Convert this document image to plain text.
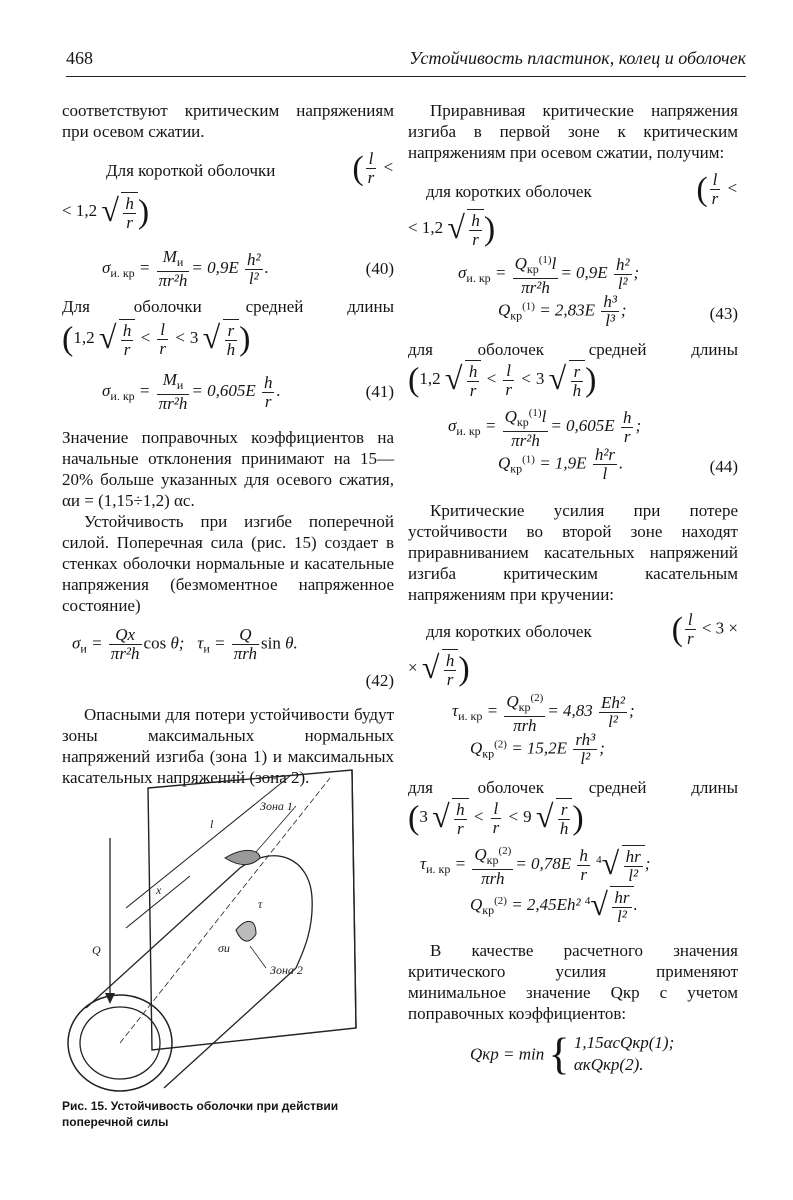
468	Устойчивость пластинок, колец и оболочек

соответствуют критическим напряжениям при осевом сжатии.

Для короткой оболочки ( $\frac{l}{r}$ <
< 1,2 √ $\frac{h}{r}$ )
$\sigma_{и. кр} = \frac{M_и}{\text{πr²h}} = 0,9E \frac{\text{h²}}{\text{l²}}$ .	(40)

Для оболочки средней длины

(1,2 √ $\frac{h}{r} < \frac{l}{r} < 3$ √ $\frac{r}{h}$ )
$\sigma_{и. кр} = \frac{M_и}{\text{πr²h}} = 0,605E \frac{h}{r}$ .	(41)

Значение поправочных коэффициентов на начальные отклонения принимают на 15—20% больше указанных для осевого сжатия, αи = (1,15÷1,2) αc.

Устойчивость при изгибе поперечной силой. Поперечная сила (рис. 15) создает в стенках оболочки нормальные и касательные напряжения (безмоментное напряженное состояние)

$\sigma_и = \frac{Qx}{\text{πr²h}}$ cos θ;   $\tau_и = \frac{Q}{\text{πrh}}$ sin θ.
(42)

Опасными для потери устойчивости будут зоны максимальных нормальных напряжений изгиба (зона 1) и максимальных касательных напряжений (зона 2).

Зона 1
Зона 2
l
x
Q
τ
σи
Рис. 15. Устойчивость оболочки при действии поперечной силы

Приравнивая критические напряжения изгиба в первой зоне к критическим напряжениям при осевом сжатии, получим:

для коротких оболочек	( $\frac{l}{r}$ <
< 1,2 √ $\frac{h}{r}$ )
$\sigma_{и. кр} = \frac{Q_{кр}^{(1)}l}{\text{πr²h}} = 0,9E \frac{\text{h²}}{\text{l²}}$ ;
$Q_{кр}^{(1)} = 2,83E \frac{\text{h³}}{\text{l³}}$ ;	(43)

для оболочек средней длины

(1,2 √ $\frac{h}{r} < \frac{l}{r} < 3$ √ $\frac{r}{h}$ )
$\sigma_{и. кр} = \frac{Q_{кр}^{(1)}l}{\text{πr²h}} = 0,605E \frac{h}{r}$ ;
$Q_{кр}^{(1)} = 1,9E \frac{\text{h²r}}{l}$ .	(44)

Критические усилия при потере устойчивости во второй зоне находят приравниванием касательных напряжений изгиба критическим касательным напряжениям при кручении:

для коротких оболочек ( $\frac{l}{r} < 3$ ×
× √ $\frac{h}{r}$ )
$\tau_{и. кр} = \frac{Q_{кр}^{(2)}}{\text{πrh}} = 4,83 \frac{\text{Eh²}}{\text{l²}}$ ;
$Q_{кр}^{(2)} = 15,2E \frac{\text{rh³}}{\text{l²}}$ ;

для оболочек средней длины

(3 √ $\frac{h}{r} < \frac{l}{r} < 9$ √ $\frac{r}{h}$ )
$\tau_{и. кр} = \frac{Q_{кр}^{(2)}}{\text{πrh}} = 0,78E \frac{h}{r} ^4$ √ $\frac{hr}{\text{l²}}$ ;
$Q_{кр}^{(2)} = 2,45Eh^2$ $^4$ √ $\frac{hr}{\text{l²}}$ .

В качестве расчетного значения критического усилия применяют минимальное значение Qкр с учетом поправочных коэффициентов:

Qкр = min { 1,15αcQкр(1);
αкQкр(2).
